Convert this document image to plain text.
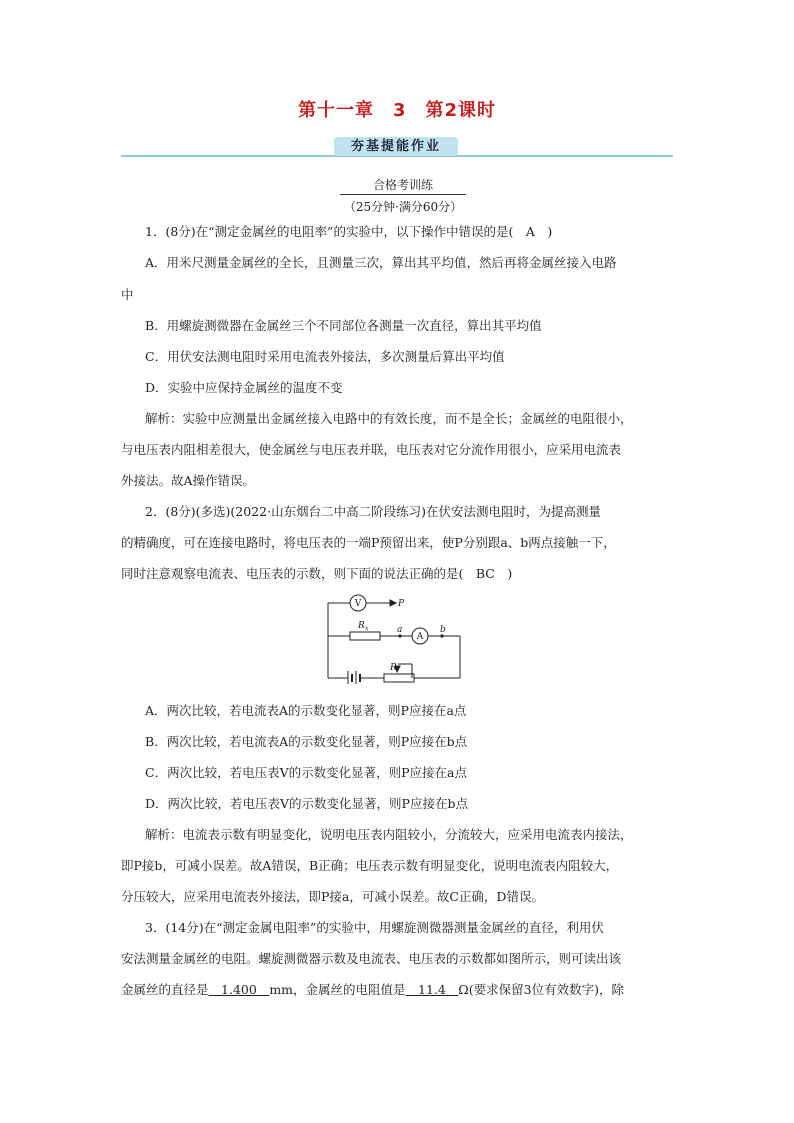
第十一章　3　第2课时
夯基提能作业
合格考训练
（25分钟·满分60分）
1．(8分)在“测定金属丝的电阻率”的实验中，以下操作中错误的是(　A　)
A．用米尺测量金属丝的全长，且测量三次，算出其平均值，然后再将金属丝接入电路
中
B．用螺旋测微器在金属丝三个不同部位各测量一次直径，算出其平均值
C．用伏安法测电阻时采用电流表外接法，多次测量后算出平均值
D．实验中应保持金属丝的温度不变
解析：实验中应测量出金属丝接入电路中的有效长度，而不是全长；金属丝的电阻很小，
与电压表内阻相差很大，使金属丝与电压表并联，电压表对它分流作用很小，应采用电流表
外接法。故A操作错误。
2．(8分)(多选)(2022·山东烟台二中高二阶段练习)在伏安法测电阻时，为提高测量
的精确度，可在连接电路时，将电压表的一端P预留出来，使P分别跟a、b两点接触一下，
同时注意观察电流表、电压表的示数，则下面的说法正确的是(　BC　)
V	P
R x	a	b
A
R
A．两次比较，若电流表A的示数变化显著，则P应接在a点
B．两次比较，若电流表A的示数变化显著，则P应接在b点
C．两次比较，若电压表V的示数变化显著，则P应接在a点
D．两次比较，若电压表V的示数变化显著，则P应接在b点
解析：电流表示数有明显变化，说明电压表内阻较小，分流较大，应采用电流表内接法，
即P接b，可减小误差。故A错误，B正确；电压表示数有明显变化，说明电流表内阻较大，
分压较大，应采用电流表外接法，即P接a，可减小误差。故C正确，D错误。
3．(14分)在“测定金属电阻率”的实验中，用螺旋测微器测量金属丝的直径，利用伏
安法测量金属丝的电阻。螺旋测微器示数及电流表、电压表的示数都如图所示，则可读出该
金属丝的直径是　1.400　mm，金属丝的电阻值是　11.4　Ω(要求保留3位有效数字)，除
